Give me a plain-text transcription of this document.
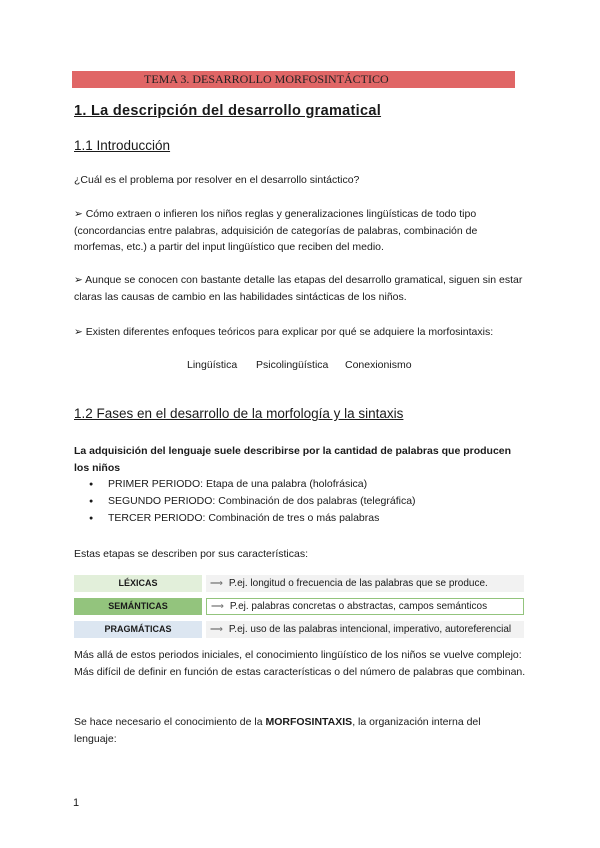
TEMA 3. DESARROLLO MORFOSINTÁCTICO
1. La descripción del desarrollo gramatical
1.1 Introducción
¿Cuál es el problema por resolver en el desarrollo sintáctico?
➢ Cómo extraen o infieren los niños reglas y generalizaciones lingüísticas de todo tipo (concordancias entre palabras, adquisición de categorías de palabras, combinación de morfemas, etc.) a partir del input lingüístico que reciben del medio.
➢ Aunque se conocen con bastante detalle las etapas del desarrollo gramatical, siguen sin estar claras las causas de cambio en las habilidades sintácticas de los niños.
➢ Existen diferentes enfoques teóricos para explicar por qué se adquiere la morfosintaxis:
Lingüística Psicolingüística Conexionismo
1.2 Fases en el desarrollo de la morfología y la sintaxis
La adquisición del lenguaje suele describirse por la cantidad de palabras que producen los niños
● PRIMER PERIODO: Etapa de una palabra (holofrásica)
● SEGUNDO PERIODO: Combinación de dos palabras (telegráfica)
● TERCER PERIODO: Combinación de tres o más palabras
Estas etapas se describen por sus características:
LÉXICAS	⟹ P.ej. longitud o frecuencia de las palabras que se produce.
SEMÁNTICAS	⟹ P.ej. palabras concretas o abstractas, campos semánticos
PRAGMÁTICAS	⟹ P.ej. uso de las palabras intencional, imperativo, autoreferencial
Más allá de estos periodos iniciales, el conocimiento lingüístico de los niños se vuelve complejo: Más difícil de definir en función de estas características o del número de palabras que combinan.
Se hace necesario el conocimiento de la MORFOSINTAXIS, la organización interna del lenguaje:
1
